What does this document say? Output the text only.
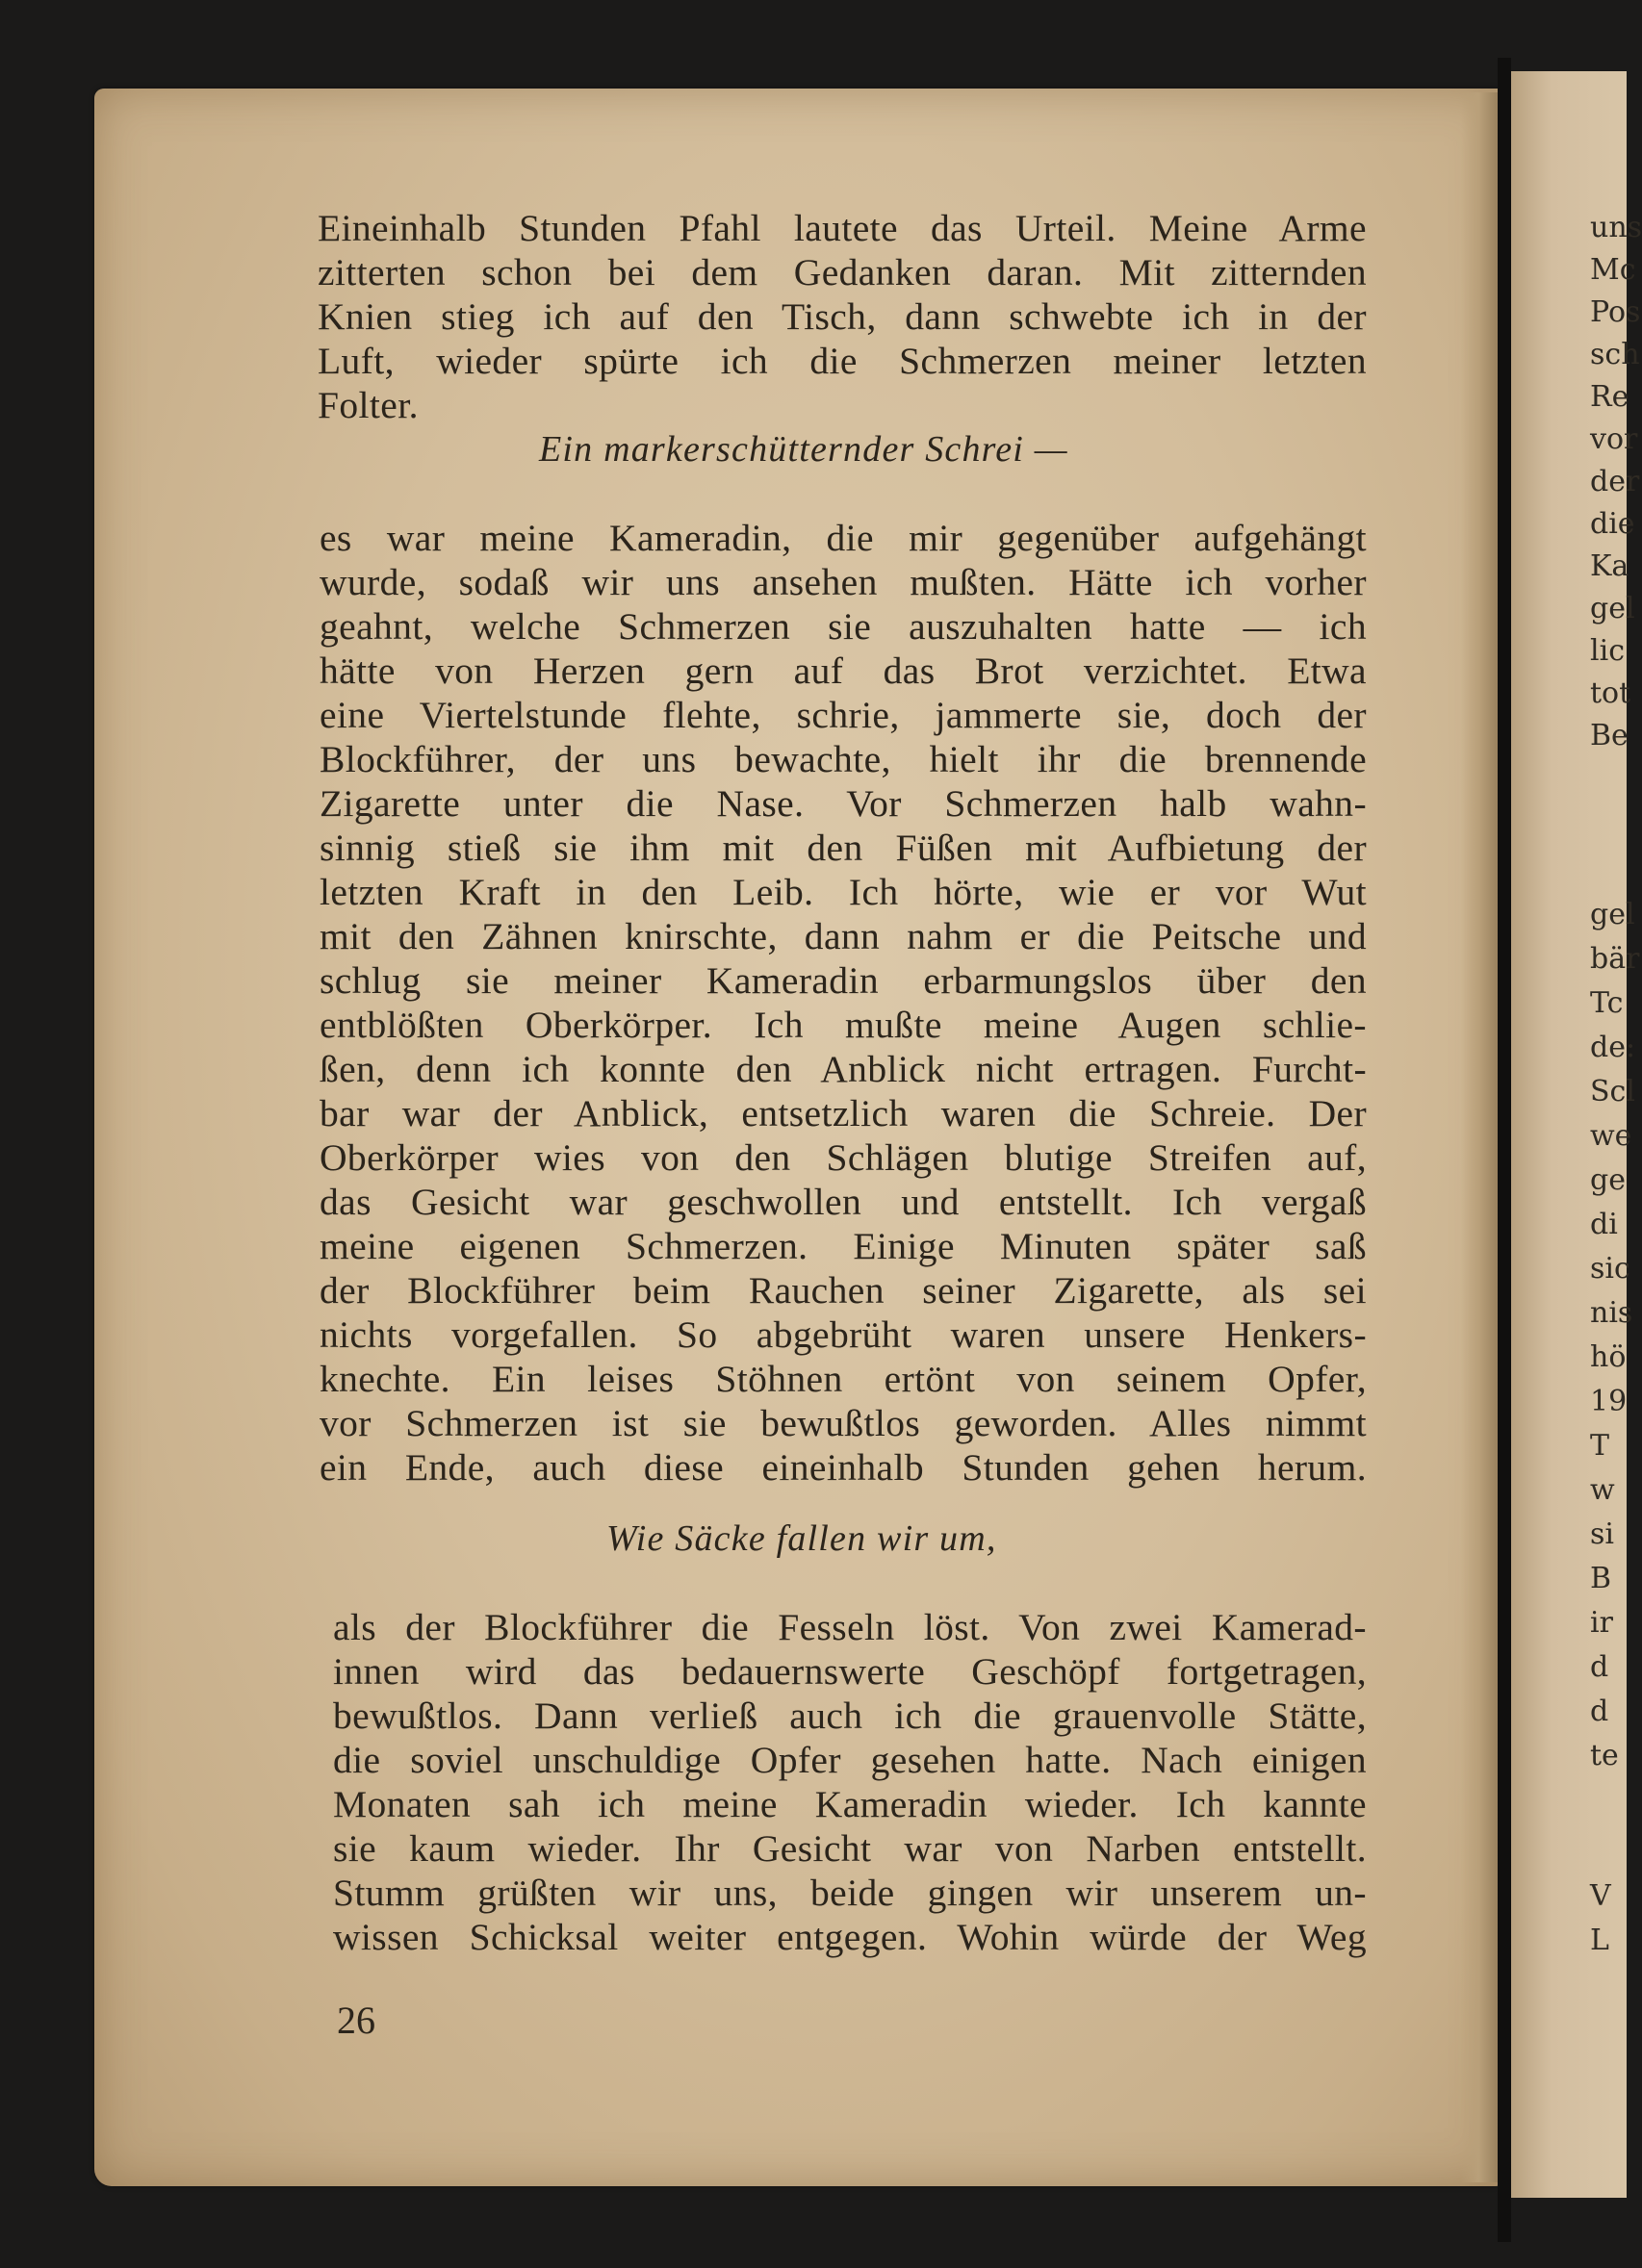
uns
Mc
Pos
sch
Re
vor
der
die
Ka
gel
lic
tot
Be
gel
bär
Tc
de:
Scl
we
ge
di
sic
nis
hö
19
T
w
si
B
ir
d
d
te
V
L
Eineinhalb Stunden Pfahl lautete das Urteil. Meine Arme
zitterten schon bei dem Gedanken daran. Mit zitternden
Knien stieg ich auf den Tisch, dann schwebte ich in der
Luft, wieder spürte ich die Schmerzen meiner letzten
Folter.
Ein markerschütternder Schrei —
es war meine Kameradin, die mir gegenüber aufgehängt
wurde, sodaß wir uns ansehen mußten. Hätte ich vorher
geahnt, welche Schmerzen sie auszuhalten hatte — ich
hätte von Herzen gern auf das Brot verzichtet. Etwa
eine Viertelstunde flehte, schrie, jammerte sie, doch der
Blockführer, der uns bewachte, hielt ihr die brennende
Zigarette unter die Nase. Vor Schmerzen halb wahn-
sinnig stieß sie ihm mit den Füßen mit Aufbietung der
letzten Kraft in den Leib. Ich hörte, wie er vor Wut
mit den Zähnen knirschte, dann nahm er die Peitsche und
schlug sie meiner Kameradin erbarmungslos über den
entblößten Oberkörper. Ich mußte meine Augen schlie-
ßen, denn ich konnte den Anblick nicht ertragen. Furcht-
bar war der Anblick, entsetzlich waren die Schreie. Der
Oberkörper wies von den Schlägen blutige Streifen auf,
das Gesicht war geschwollen und entstellt. Ich vergaß
meine eigenen Schmerzen. Einige Minuten später saß
der Blockführer beim Rauchen seiner Zigarette, als sei
nichts vorgefallen. So abgebrüht waren unsere Henkers-
knechte. Ein leises Stöhnen ertönt von seinem Opfer,
vor Schmerzen ist sie bewußtlos geworden. Alles nimmt
ein Ende, auch diese eineinhalb Stunden gehen herum.
Wie Säcke fallen wir um,
als der Blockführer die Fesseln löst. Von zwei Kamerad-
innen wird das bedauernswerte Geschöpf fortgetragen,
bewußtlos. Dann verließ auch ich die grauenvolle Stätte,
die soviel unschuldige Opfer gesehen hatte. Nach einigen
Monaten sah ich meine Kameradin wieder. Ich kannte
sie kaum wieder. Ihr Gesicht war von Narben entstellt.
Stumm grüßten wir uns, beide gingen wir unserem un-
wissen Schicksal weiter entgegen. Wohin würde der Weg
26
